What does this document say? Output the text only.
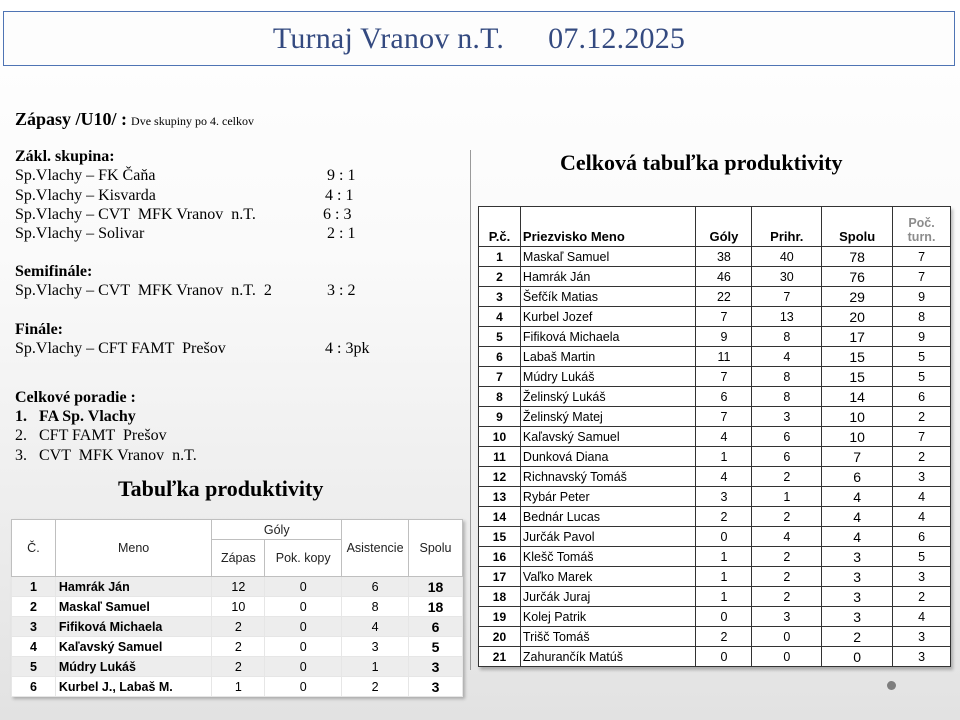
Turnaj Vranov n.T. 07.12.2025

Zápasy /U10/ : Dve skupiny po 4. celkov

Zákl. skupina:

Sp.Vlachy – FK Čaňa	9 : 1
Sp.Vlachy – Kisvarda	4 : 1
Sp.Vlachy – CVT  MFK Vranov  n.T.	6 : 3
Sp.Vlachy – Solivar	2 : 1

Semifinále:

Sp.Vlachy – CVT  MFK Vranov  n.T.  2	3 : 2

Finále:

Sp.Vlachy – CFT FAMT  Prešov	4 : 3pk

Celkové poradie :

1. FA Sp. Vlachy
2. CFT FAMT  Prešov
3. CVT  MFK Vranov  n.T.
Tabuľka produktivity
Č.	Meno	Góly		Asistencie	Spolu
		Zápas	Pok. kopy		
1	Hamrák Ján	12	0	6	18
2	Maskaľ Samuel	10	0	8	18
3	Fifiková Michaela	2	0	4	6
4	Kaľavský Samuel	2	0	3	5
5	Múdry Lukáš	2	0	1	3
6	Kurbel J., Labaš M.	1	0	2	3
Celková tabuľka produktivity
P.č.	Priezvisko Meno	Góly	Prihr.	Spolu	Poč. turn.
1	Maskaľ Samuel	38	40	78	7
2	Hamrák Ján	46	30	76	7
3	Šefčík Matias	22	7	29	9
4	Kurbel Jozef	7	13	20	8
5	Fifiková Michaela	9	8	17	9
6	Labaš Martin	11	4	15	5
7	Múdry Lukáš	7	8	15	5
8	Želinský Lukáš	6	8	14	6
9	Želinský Matej	7	3	10	2
10	Kaľavský Samuel	4	6	10	7
11	Dunková Diana	1	6	7	2
12	Richnavský Tomáš	4	2	6	3
13	Rybár Peter	3	1	4	4
14	Bednár Lucas	2	2	4	4
15	Jurčák Pavol	0	4	4	6
16	Klešč Tomáš	1	2	3	5
17	Vaľko Marek	1	2	3	3
18	Jurčák Juraj	1	2	3	2
19	Kolej Patrik	0	3	3	4
20	Trišč Tomáš	2	0	2	3
21	Zahurančík Matúš	0	0	0	3
